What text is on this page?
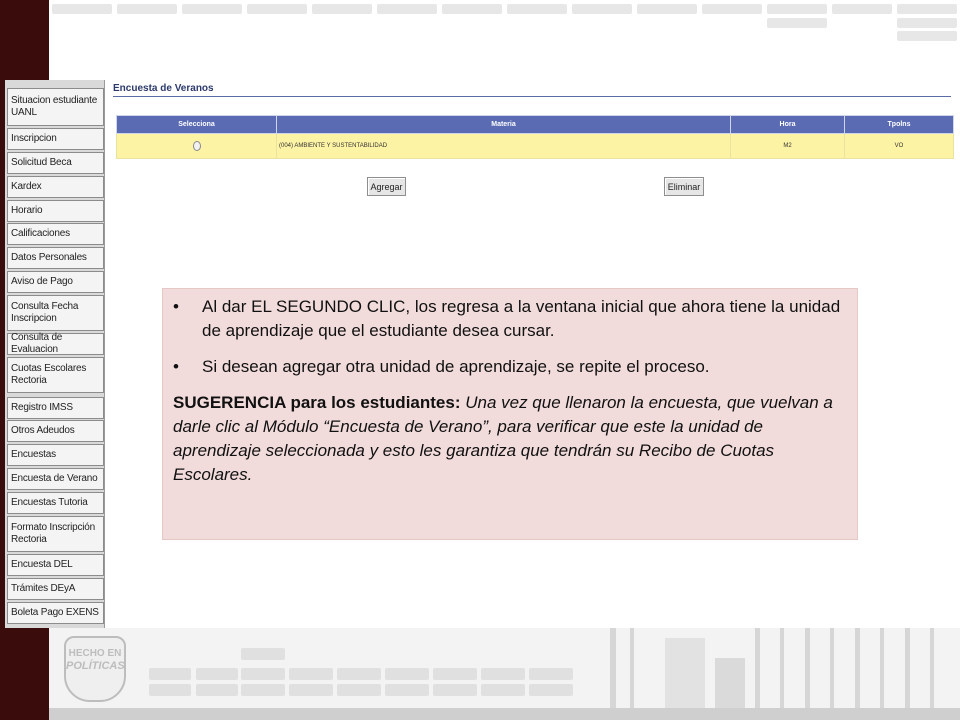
Situacion estudiante UANL
Inscripcion
Solicitud Beca
Kardex
Horario
Calificaciones
Datos Personales
Aviso de Pago
Consulta Fecha Inscripcion
Consulta de Evaluacion
Cuotas Escolares Rectoria
Registro IMSS
Otros Adeudos
Encuestas
Encuesta de Verano
Encuestas Tutoria
Formato Inscripción Rectoria
Encuesta DEL
Trámites DEyA
Boleta Pago EXENS
Encuesta de Veranos
Selecciona	Materia	Hora	Tpolns
	(004) AMBIENTE Y SUSTENTABILIDAD	M2	VO
Agregar	Eliminar
• Al dar EL SEGUNDO CLIC, los regresa a la ventana inicial que ahora tiene la unidad de aprendizaje que el estudiante desea cursar.
• Si desean agregar otra unidad de aprendizaje, se repite el proceso.
SUGERENCIA para los estudiantes: Una vez que llenaron la encuesta, que vuelvan a darle clic al Módulo “Encuesta de Verano”, para verificar que este la unidad de aprendizaje seleccionada y esto les garantiza que tendrán su Recibo de Cuotas Escolares.
HECHO EN
POLÍTICAS
